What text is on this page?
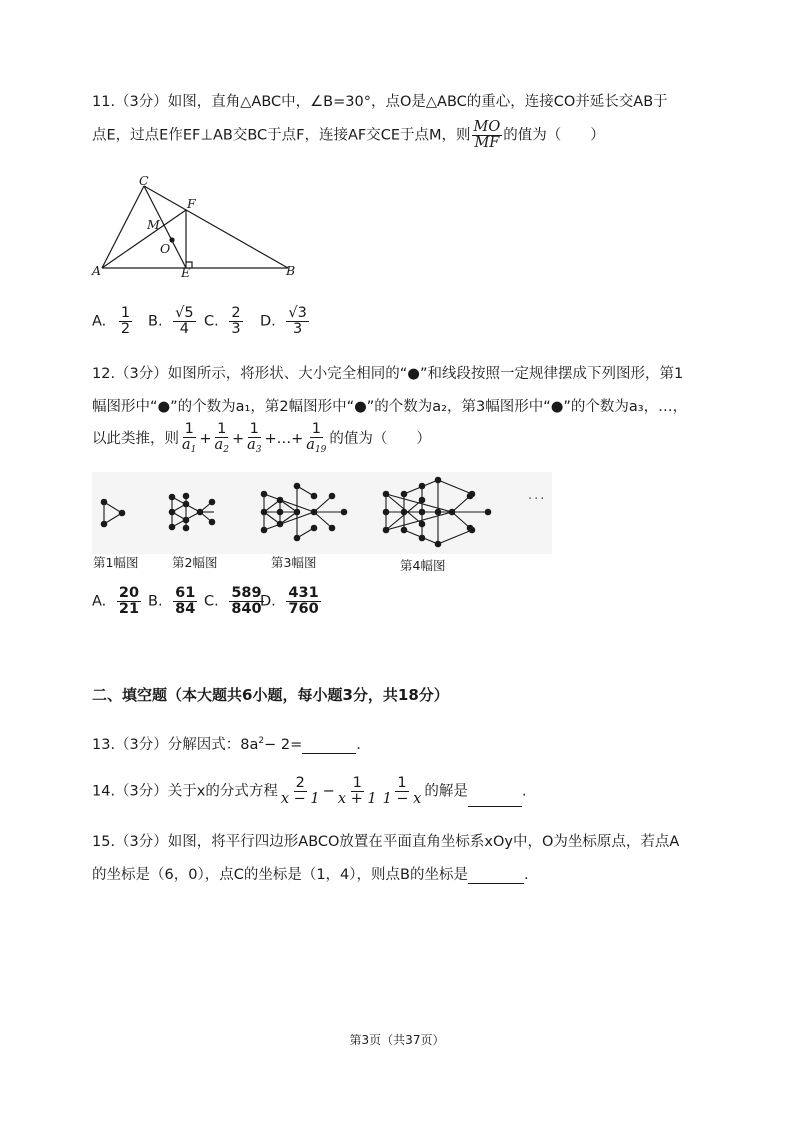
11.（3分）如图，直角△ABC中，∠B=30°，点O是△ABC的重心，连接CO并延长交AB于
点E，过点E作EF⊥AB交BC于点F，连接AF交CE于点M，则 $\frac{MO}{MF}$ 的值为（　　）
C
F
M
O
A	E	B
A. $\frac{1}{2} B$. $\frac{√5}{4} C$. $\frac{2}{3} D$. $\frac{√3}{3}$
12.（3分）如图所示，将形状、大小完全相同的“●”和线段按照一定规律摆成下列图形，第1
幅图形中“●”的个数为a₁，第2幅图形中“●”的个数为a₂，第3幅图形中“●”的个数为a₃，…，
以此类推，则 $\frac{1}{a_1} + \frac{1}{a_2} + \frac{1}{a_3}$ +…+ $\frac{1}{a_{19}}$ 的值为（　　）
···
第1幅图	第2幅图	第3幅图	第4幅图
A. $\frac{20}{21} B$. $\frac{61}{84} C$. $\frac{589}{840}$
D. $\frac{431}{760}$
二、填空题（本大题共6小题，每小题3分，共18分）
13.（3分）分解因式：$8a^2- 2=$	.
14.（3分）关于x的分式方程 $\frac{2}{x - 1} - \frac{1}{x + 1} \frac{1}{1 - x}$ 的解是	.
15.（3分）如图，将平行四边形ABCO放置在平面直角坐标系xOy中，O为坐标原点，若点A
的坐标是（6，0），点C的坐标是（1，4），则点B的坐标是	.
第3页（共37页）
